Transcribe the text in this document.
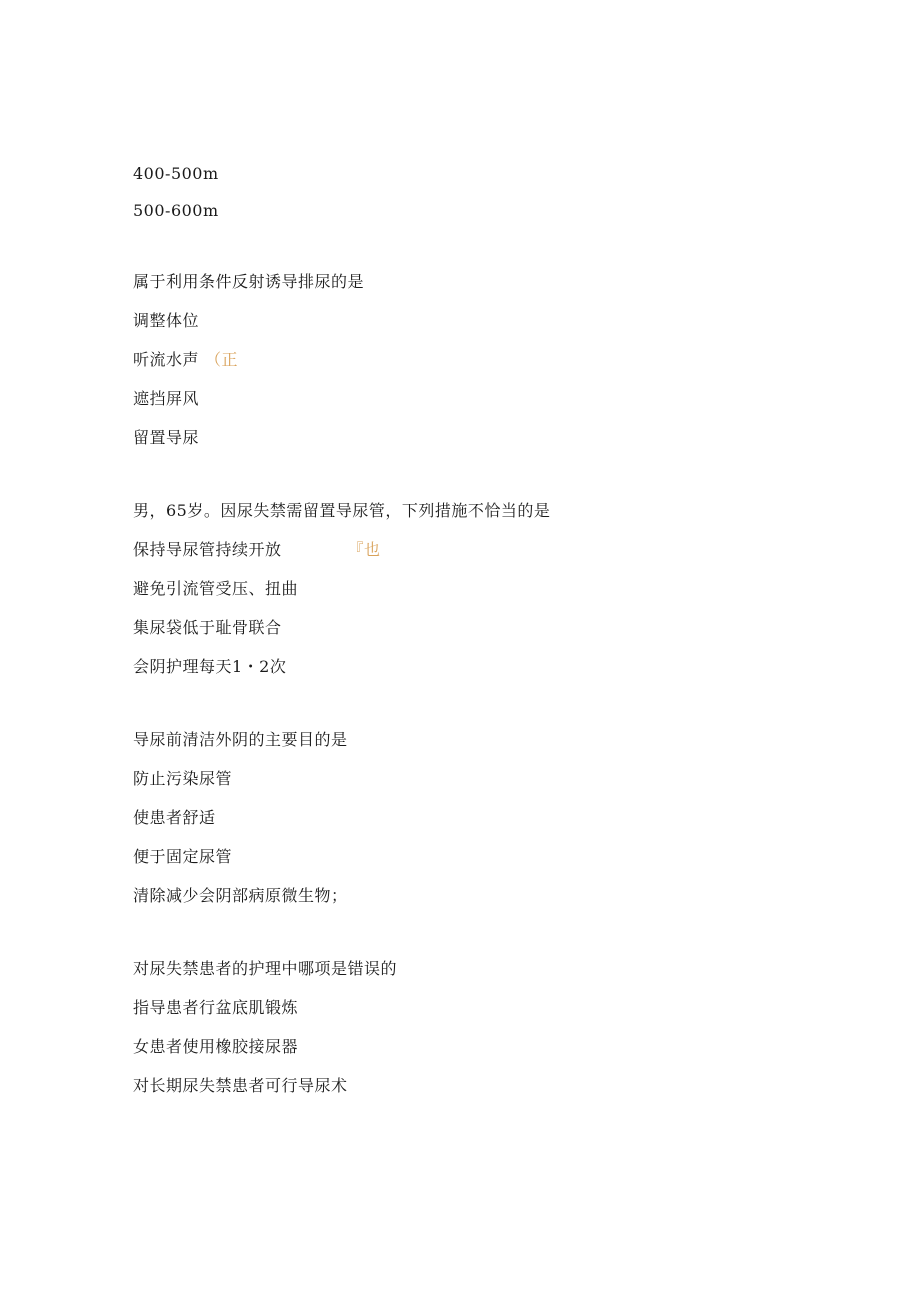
400-500m
500-600m
属于利用条件反射诱导排尿的是
调整体位
听流水声 （正
遮挡屏风
留置导尿
男，65岁。因尿失禁需留置导尿管，下列措施不恰当的是
保持导尿管持续开放	『也
避免引流管受压、扭曲
集尿袋低于耻骨联合
会阴护理每天1・2次
导尿前清洁外阴的主要目的是
防止污染尿管
使患者舒适
便于固定尿管
清除减少会阴部病原微生物；
对尿失禁患者的护理中哪项是错误的
指导患者行盆底肌锻炼
女患者使用橡胶接尿器
对长期尿失禁患者可行导尿术
